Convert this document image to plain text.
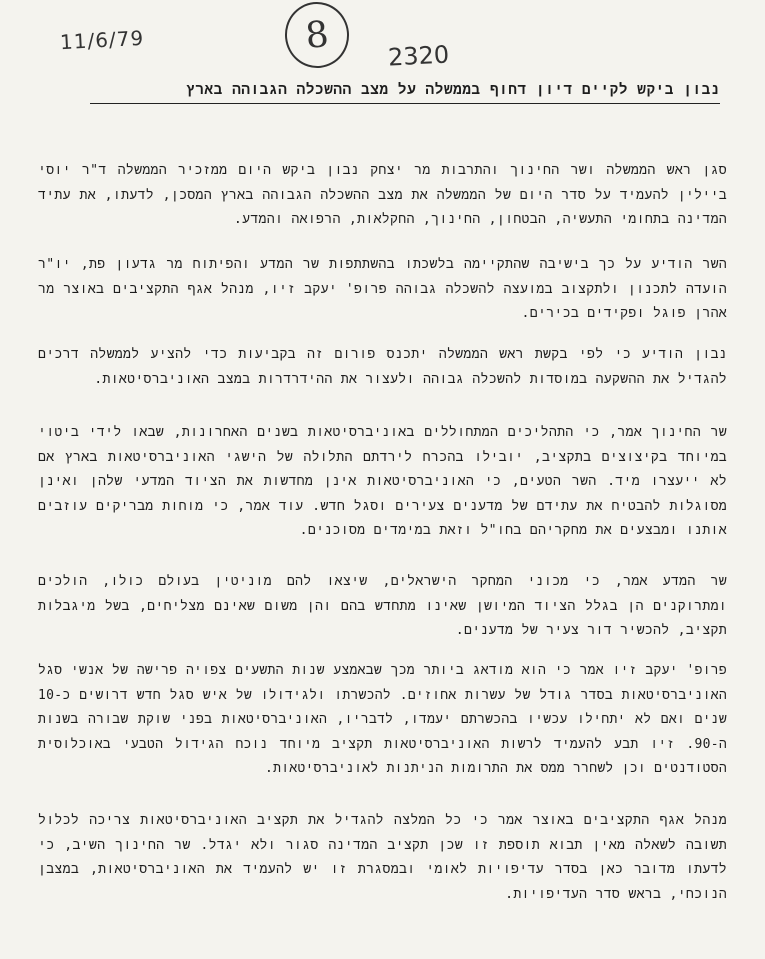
11/6/79	8 2320
נבון ביקש לקיים דיון דחוף בממשלה על מצב ההשכלה הגבוהה בארץ

סגן ראש הממשלה ושר החינוך והתרבות מר יצחק נבון ביקש היום ממזכיר הממשלה ד"ר יוסי ביילין להעמיד על סדר היום של הממשלה את מצב ההשכלה הגבוהה בארץ המסכן, לדעתו, את עתיד המדינה בתחומי התעשיה, הבטחון, החינוך, החקלאות, הרפואה והמדע.

השר הודיע על כך בישיבה שהתקיימה בלשכתו בהשתתפות שר המדע והפיתוח מר גדעון פת, יו"ר הועדה לתכנון ולתקצוב במועצה להשכלה גבוהה פרופ' יעקב זיו, מנהל אגף התקציבים באוצר מר אהרן פוגל ופקידים בכירים.

נבון הודיע כי לפי בקשת ראש הממשלה יתכנס פורום זה בקביעות כדי להציע לממשלה דרכים להגדיל את ההשקעה במוסדות להשכלה גבוהה ולעצור את ההידרדרות במצב האוניברסיטאות.

שר החינוך אמר, כי התהליכים המתחוללים באוניברסיטאות בשנים האחרונות, שבאו לידי ביטוי במיוחד בקיצוצים בתקציב, יובילו בהכרח לירדתם התלולה של הישגי האוניברסיטאות בארץ אם לא ייעצרו מיד. השר הטעים, כי האוניברסיטאות אינן מחדשות את הציוד המדעי שלהן ואינן מסוגלות להבטיח את עתידם של מדענים צעירים וסגל חדש. עוד אמר, כי מוחות מבריקים עוזבים אותנו ומבצעים את מחקריהם בחו"ל וזאת במימדים מסוכנים.

שר המדע אמר, כי מכוני המחקר הישראלים, שיצאו להם מוניטין בעולם כולו, הולכים ומתרוקנים הן בגלל הציוד המיושן שאינו מתחדש בהם והן משום שאינם מצליחים, בשל מיגבלות תקציב, להכשיר דור צעיר של מדענים.

פרופ' יעקב זיו אמר כי הוא מודאג ביותר מכך שבאמצע שנות התשעים צפויה פרישה של אנשי סגל האוניברסיטאות בסדר גודל של עשרות אחוזים. להכשרתו ולגידולו של איש סגל חדש דרושים כ-10 שנים ואם לא יתחילו עכשיו בהכשרתם יעמדו, לדבריו, האוניברסיטאות בפני שוקת שבורה בשנות ה-90. זיו תבע להעמיד לרשות האוניברסיטאות תקציב מיוחד נוכח הגידול הטבעי באוכלוסית הסטודנטים וכן לשחרר ממס את התרומות הניתנות לאוניברסיטאות.

מנהל אגף התקציבים באוצר אמר כי כל המלצה להגדיל את תקציב האוניברסיטאות צריכה לכלול תשובה לשאלה מאין תבוא תוספת זו שכן תקציב המדינה סגור ולא יגדל. שר החינוך השיב, כי לדעתו מדובר כאן בסדר עדיפויות לאומי ובמסגרת זו יש להעמיד את האוניברסיטאות, במצבן הנוכחי, בראש סדר העדיפויות.
